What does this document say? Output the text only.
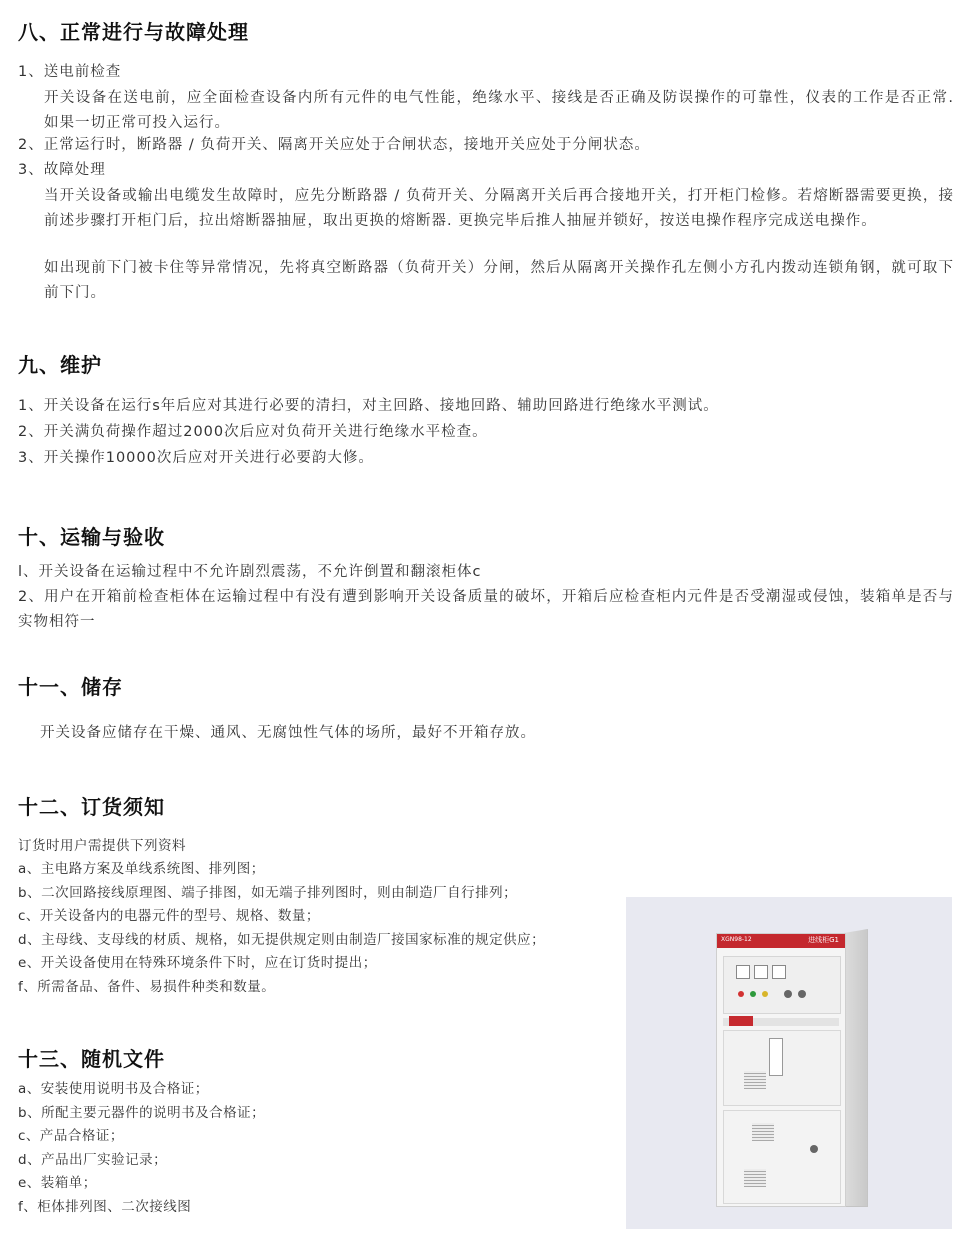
八、正常进行与故障处理

1、送电前检查

开关设备在送电前，应全面检查设备内所有元件的电气性能，绝缘水平、接线是否正确及防误操作的可靠性，仪表的工作是否正常. 如果一切正常可投入运行。

2、正常运行时，断路器 / 负荷开关、隔离开关应处于合闸状态，接地开关应处于分闸状态。

3、故障处理

当开关设备或输出电缆发生故障时，应先分断路器 / 负荷开关、分隔离开关后再合接地开关，打开柜门检修。若熔断器需要更换，接前述步骤打开柜门后，拉出熔断器抽屉，取出更换的熔断器. 更换完毕后推人抽屉并锁好，按送电操作程序完成送电操作。

如出现前下门被卡住等异常情况，先将真空断路器（负荷开关）分闸，然后从隔离开关操作孔左侧小方孔内拨动连锁角钢，就可取下前下门。

九、维护

1、开关设备在运行s年后应对其进行必要的清扫，对主回路、接地回路、辅助回路进行绝缘水平测试。

2、开关满负荷操作超过2000次后应对负荷开关进行绝缘水平检查。

3、开关操作10000次后应对开关进行必要韵大修。

十、运输与验收

l、开关设备在运输过程中不允许剧烈震荡，不允许倒置和翻滚柜体c

2、用户在开箱前检查柜体在运输过程中有没有遭到影响开关设备质量的破坏，开箱后应检查柜内元件是否受潮湿或侵蚀，装箱单是否与实物相符一

十一、储存

开关设备应储存在干燥、通风、无腐蚀性气体的场所，最好不开箱存放。

十二、订货须知

订货时用户需提供下列资料

a、主电路方案及单线系统图、排列图；

b、二次回路接线原理图、端子排图，如无端子排列图时，则由制造厂自行排列；

c、开关设备内的电器元件的型号、规格、数量；

d、主母线、支母线的材质、规格，如无提供规定则由制造厂接国家标准的规定供应；

e、开关设备使用在特殊环境条件下时，应在订货时提出；

f、所需备品、备件、易损件种类和数量。

十三、随机文件

a、安装使用说明书及合格证；

b、所配主要元器件的说明书及合格证；

c、产品合格证；

d、产品出厂实验记录；

e、装箱单；

f、柜体排列图、二次接线图

XGN98-12	进线柜G1
